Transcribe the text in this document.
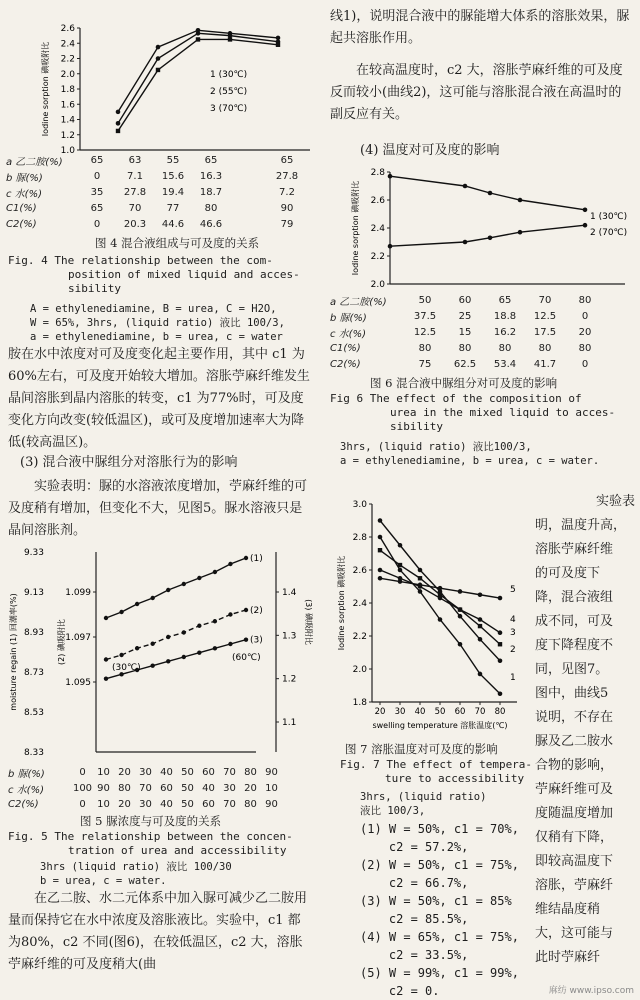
1.0
1.2
1.4
1.6
1.8
2.0
2.2
2.4
2.6
Iodine sorption 碘吸附比	1 (30℃)
2 (55℃)
3 (70℃)
a 乙二胺(%)	65	63	55	65		65
b 脲(%)	0	7.1	15.6	16.3		27.8
c 水(%)	35	27.8	19.4	18.7		7.2
C1(%)	65	70	77	80		90
C2(%)	0	20.3	44.6	46.6		79

图 4 混合液组成与可及度的关系

Fig. 4 The relationship between the com-

position of mixed liquid and acces-

sibility

A = ethylenediamine, B = urea, C = H2O,

W = 65%, 3hrs, (liquid ratio) 液比 100/3,

a = ethylenediamine, b = urea, c = water

胺在水中浓度对可及度变化起主要作用，其中 c1 为60%左右，可及度开始较大增加。溶胀苧麻纤维发生晶间溶胀到晶内溶胀的转变，c1 为77%时，可及度变化方向改变(较低温区)，或可及度增加速率大为降低(较高温区)。

(3) 混合液中脲组分对溶胀行为的影响

实验表明：脲的水溶液浓度增加，苧麻纤维的可及度稍有增加，但变化不大，见图5。脲水溶液只是晶间溶胀剂。

8.33
8.53
8.73
8.93
9.13
9.33
1.095
1.097
1.099
1.1
1.2
1.3
1.4
moisture regain (1) 回潮率(%)	(2) 碘吸附比	(3) 碘吸附比
(1)
(2)
(3)
(30℃)
(60℃)
b 脲(%)	0	10	20	30	40	50	60	70	80	90
c 水(%)	100	90	80	70	60	50	40	30	20	10
C2(%)	0	10	20	30	40	50	60	70	80	90

图 5 脲浓度与可及度的关系

Fig. 5 The relationship between the concen-

tration of urea and accessibility

3hrs (liquid ratio) 液比 100/30

b = urea, c = water.

在乙二胺、水二元体系中加入脲可减少乙二胺用量而保持它在水中浓度及溶胀液比。实验中，c1 都为80%，c2 不同(图6)，在较低温区，c2 大，溶胀苧麻纤维的可及度稍大(曲

线1)，说明混合液中的脲能增大体系的溶胀效果，脲起共溶胀作用。

在较高温度时，c2 大，溶胀苧麻纤维的可及度反而较小(曲线2)，这可能与溶胀混合液在高温时的副反应有关。

(4) 温度对可及度的影响

2.0
2.2
2.4
2.6
2.8
Iodine sorption 碘吸附比	1 (30℃)
2 (70℃)
a 乙二胺(%)	50	60	65	70	80
b 脲(%)	37.5	25	18.8	12.5	0
c 水(%)	12.5	15	16.2	17.5	20
C1(%)	80	80	80	80	80
C2(%)	75	62.5	53.4	41.7	0

图 6 混合液中脲组分对可及度的影响

Fig 6 The effect of the composition of

urea in the mixed liquid to acces-

sibility

3hrs, (liquid ratio) 液比100/3,

a = ethylenediamine, b = urea, c = water.

1.8
2.0
2.2
2.4
2.6
2.8
3.0
Iodine sorption 碘吸附比
1
2
3
4
5
20 30 40 50 60 70 80
swelling temperature 溶胀温度(℃)

实验表

明，温度升高，

溶胀苧麻纤维

的可及度下

降，混合液组

成不同，可及

度下降程度不

同，见图7。

图中，曲线5

说明，不存在

脲及乙二胺水

合物的影响，

苧麻纤维可及

度随温度增加

仅稍有下降，

即较高温度下

溶胀，苧麻纤

维结晶度稍

大，这可能与

此时苧麻纤

图 7 溶胀温度对可及度的影响

Fig. 7 The effect of tempera-

ture to accessibility

3hrs, (liquid ratio)

液比 100/3,

(1) W = 50%, c1 = 70%,

c2 = 57.2%,

(2) W = 50%, c1 = 75%,

c2 = 66.7%,

(3) W = 50%, c1 = 85%

c2 = 85.5%,

(4) W = 65%, c1 = 75%,

c2 = 33.5%,

(5) W = 99%, c1 = 99%,

c2 = 0.	麻纺 www.ipso.com
